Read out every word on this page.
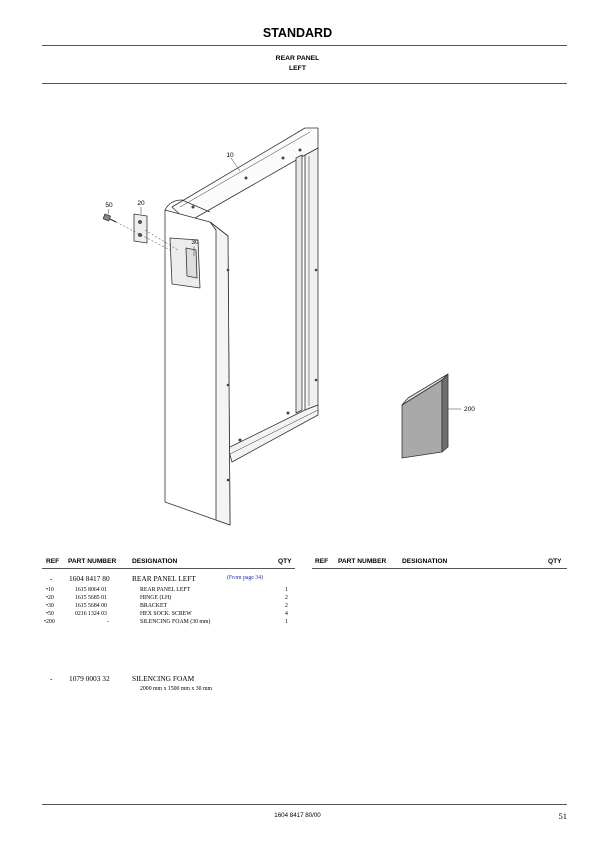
STANDARD
REAR PANEL
LEFT
10
50	20
30
200
REF PART NUMBER DESIGNATION	QTY	REF PART NUMBER DESIGNATION	QTY
- 1604 8417 80	REAR PANEL LEFT	(From page 34)
•10	1615 8064 01	REAR PANEL LEFT	1
•20	1615 5685 01	HINGE (LH)	2
•30	1615 5684 00	BRACKET	2
•50	0216 1324 03	HEX SOCK. SCREW	4
•200	-	SILENCING FOAM (30 mm)	1
- 1079 0003 32	SILENCING FOAM
2000 mm x 1500 mm x 30 mm
1604 8417 80/00	51
